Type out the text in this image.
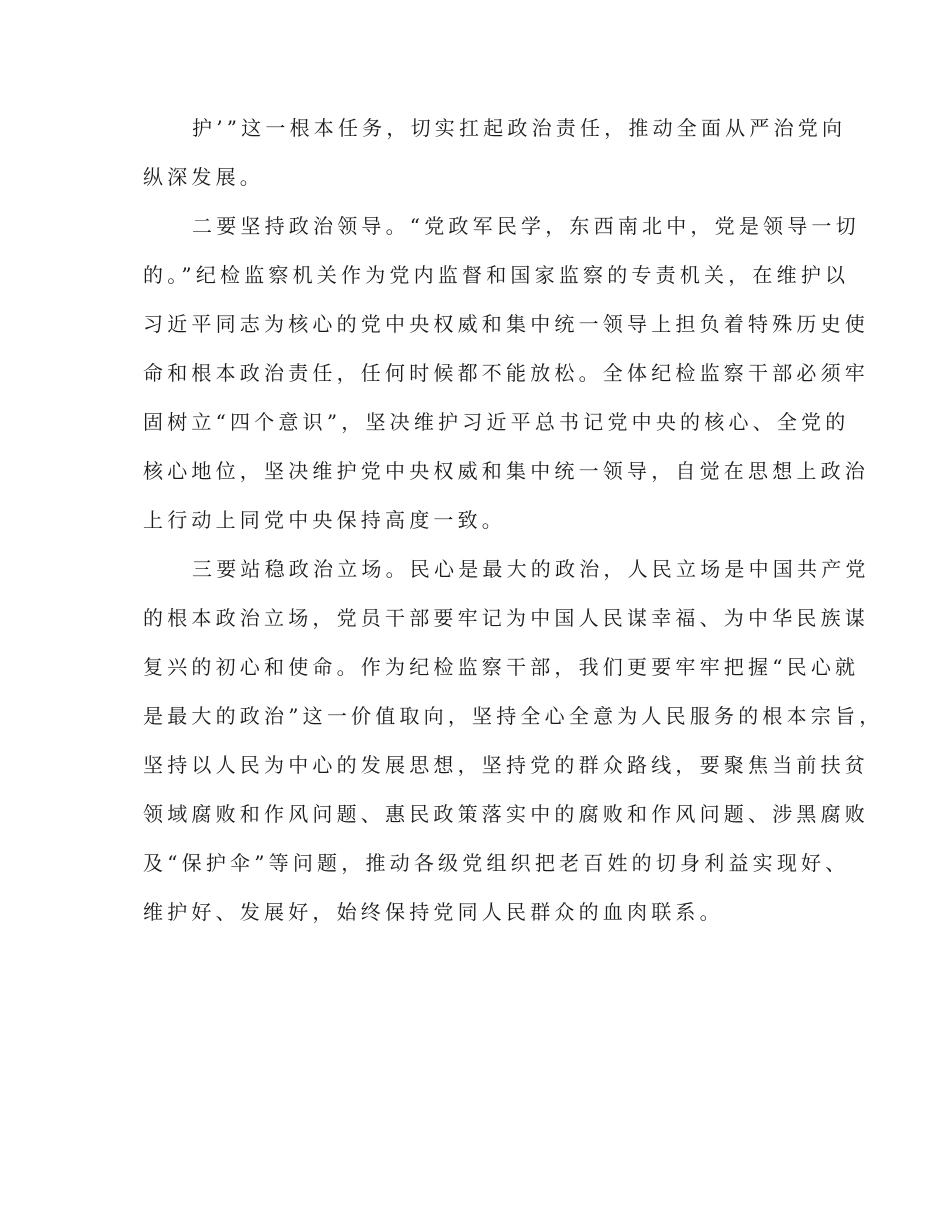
护’”这一根本任务，切实扛起政治责任，推动全面从严治党向
纵深发展。
二要坚持政治领导。“党政军民学，东西南北中，党是领导一切
的。”纪检监察机关作为党内监督和国家监察的专责机关，在维护以
习近平同志为核心的党中央权威和集中统一领导上担负着特殊历史使
命和根本政治责任，任何时候都不能放松。全体纪检监察干部必须牢
固树立“四个意识”，坚决维护习近平总书记党中央的核心、全党的
核心地位，坚决维护党中央权威和集中统一领导，自觉在思想上政治
上行动上同党中央保持高度一致。
三要站稳政治立场。民心是最大的政治，人民立场是中国共产党
的根本政治立场，党员干部要牢记为中国人民谋幸福、为中华民族谋
复兴的初心和使命。作为纪检监察干部，我们更要牢牢把握“民心就
是最大的政治”这一价值取向，坚持全心全意为人民服务的根本宗旨，
坚持以人民为中心的发展思想，坚持党的群众路线，要聚焦当前扶贫
领域腐败和作风问题、惠民政策落实中的腐败和作风问题、涉黑腐败
及“保护伞”等问题，推动各级党组织把老百姓的切身利益实现好、
维护好、发展好，始终保持党同人民群众的血肉联系。
